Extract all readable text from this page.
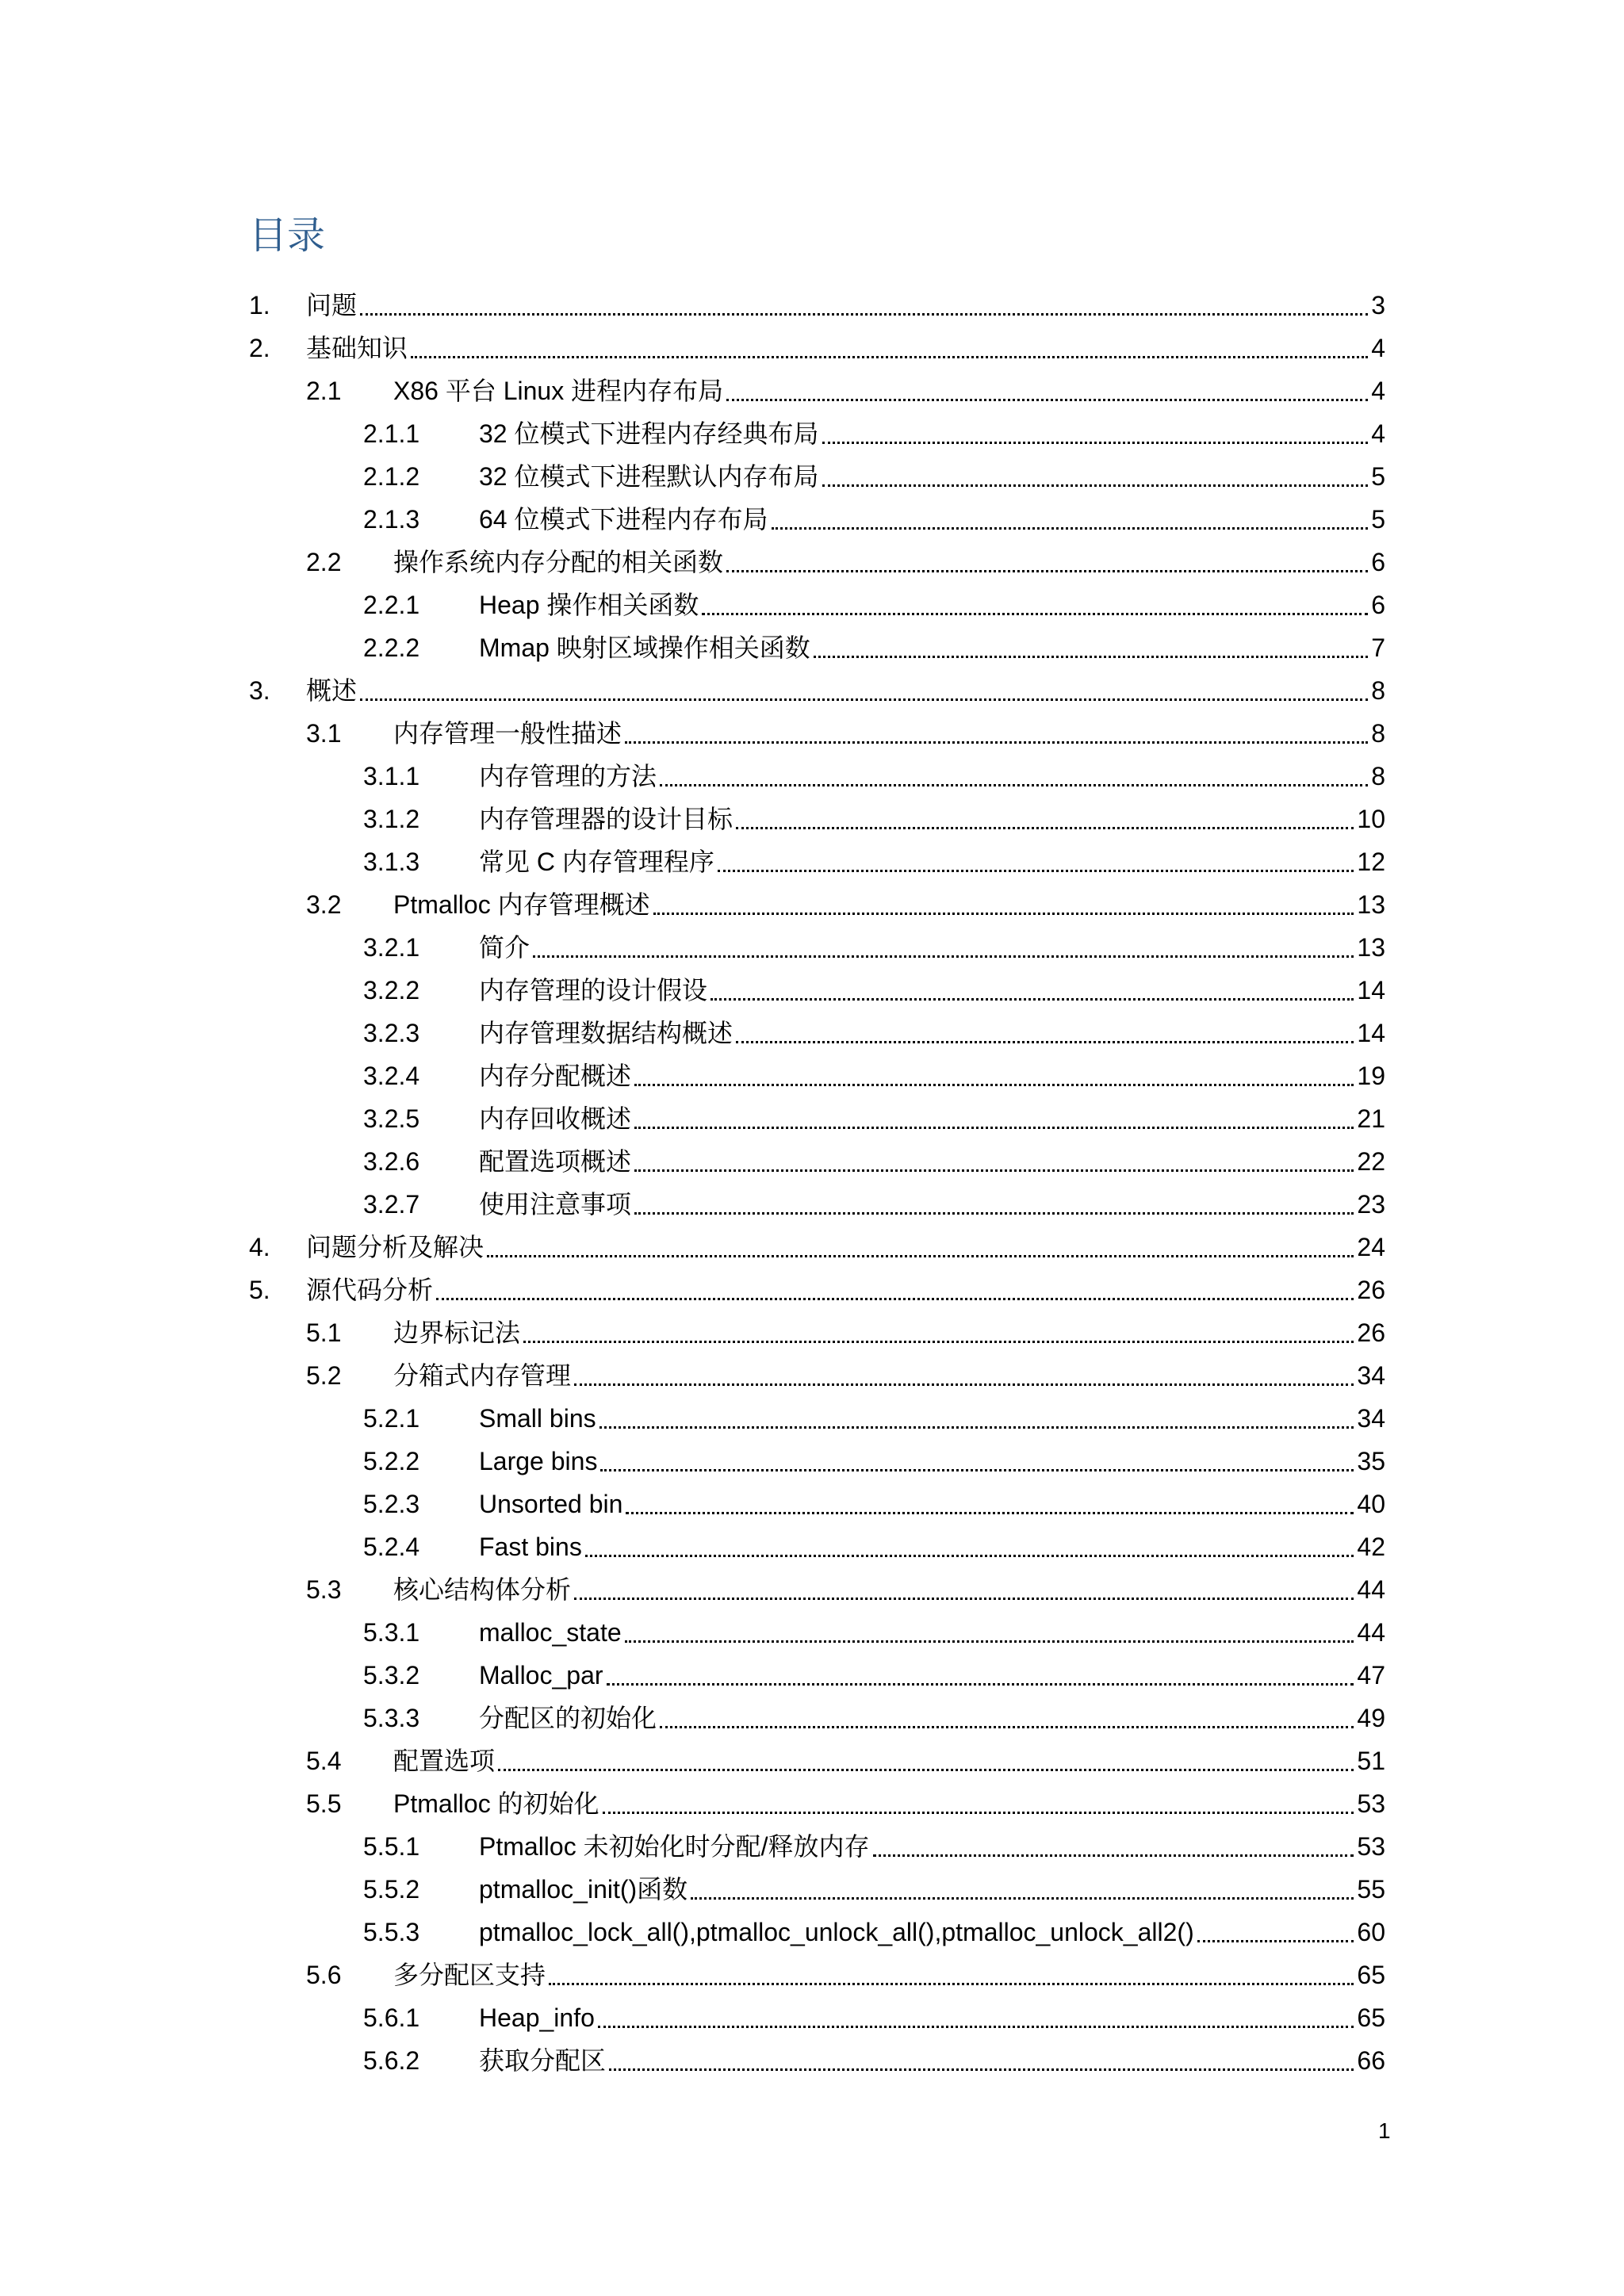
目录
1. 问题	3
2. 基础知识	4
2.1 X86 平台 Linux 进程内存布局	4
2.1.1 32 位模式下进程内存经典布局	4
2.1.2 32 位模式下进程默认内存布局	5
2.1.3 64 位模式下进程内存布局	5
2.2 操作系统内存分配的相关函数	6
2.2.1 Heap 操作相关函数	6
2.2.2 Mmap 映射区域操作相关函数	7
3. 概述	8
3.1 内存管理一般性描述	8
3.1.1 内存管理的方法	8
3.1.2 内存管理器的设计目标	10
3.1.3 常见 C 内存管理程序	12
3.2 Ptmalloc 内存管理概述	13
3.2.1 简介	13
3.2.2 内存管理的设计假设	14
3.2.3 内存管理数据结构概述	14
3.2.4 内存分配概述	19
3.2.5 内存回收概述	21
3.2.6 配置选项概述	22
3.2.7 使用注意事项	23
4. 问题分析及解决	24
5. 源代码分析	26
5.1 边界标记法	26
5.2 分箱式内存管理	34
5.2.1 Small bins	34
5.2.2 Large bins	35
5.2.3 Unsorted bin	40
5.2.4 Fast bins	42
5.3 核心结构体分析	44
5.3.1 malloc_state	44
5.3.2 Malloc_par	47
5.3.3 分配区的初始化	49
5.4 配置选项	51
5.5 Ptmalloc 的初始化	53
5.5.1 Ptmalloc 未初始化时分配/释放内存	53
5.5.2 ptmalloc_init()函数	55
5.5.3 ptmalloc_lock_all(),ptmalloc_unlock_all(),ptmalloc_unlock_all2()	60
5.6 多分配区支持	65
5.6.1 Heap_info	65
5.6.2 获取分配区	66
1
